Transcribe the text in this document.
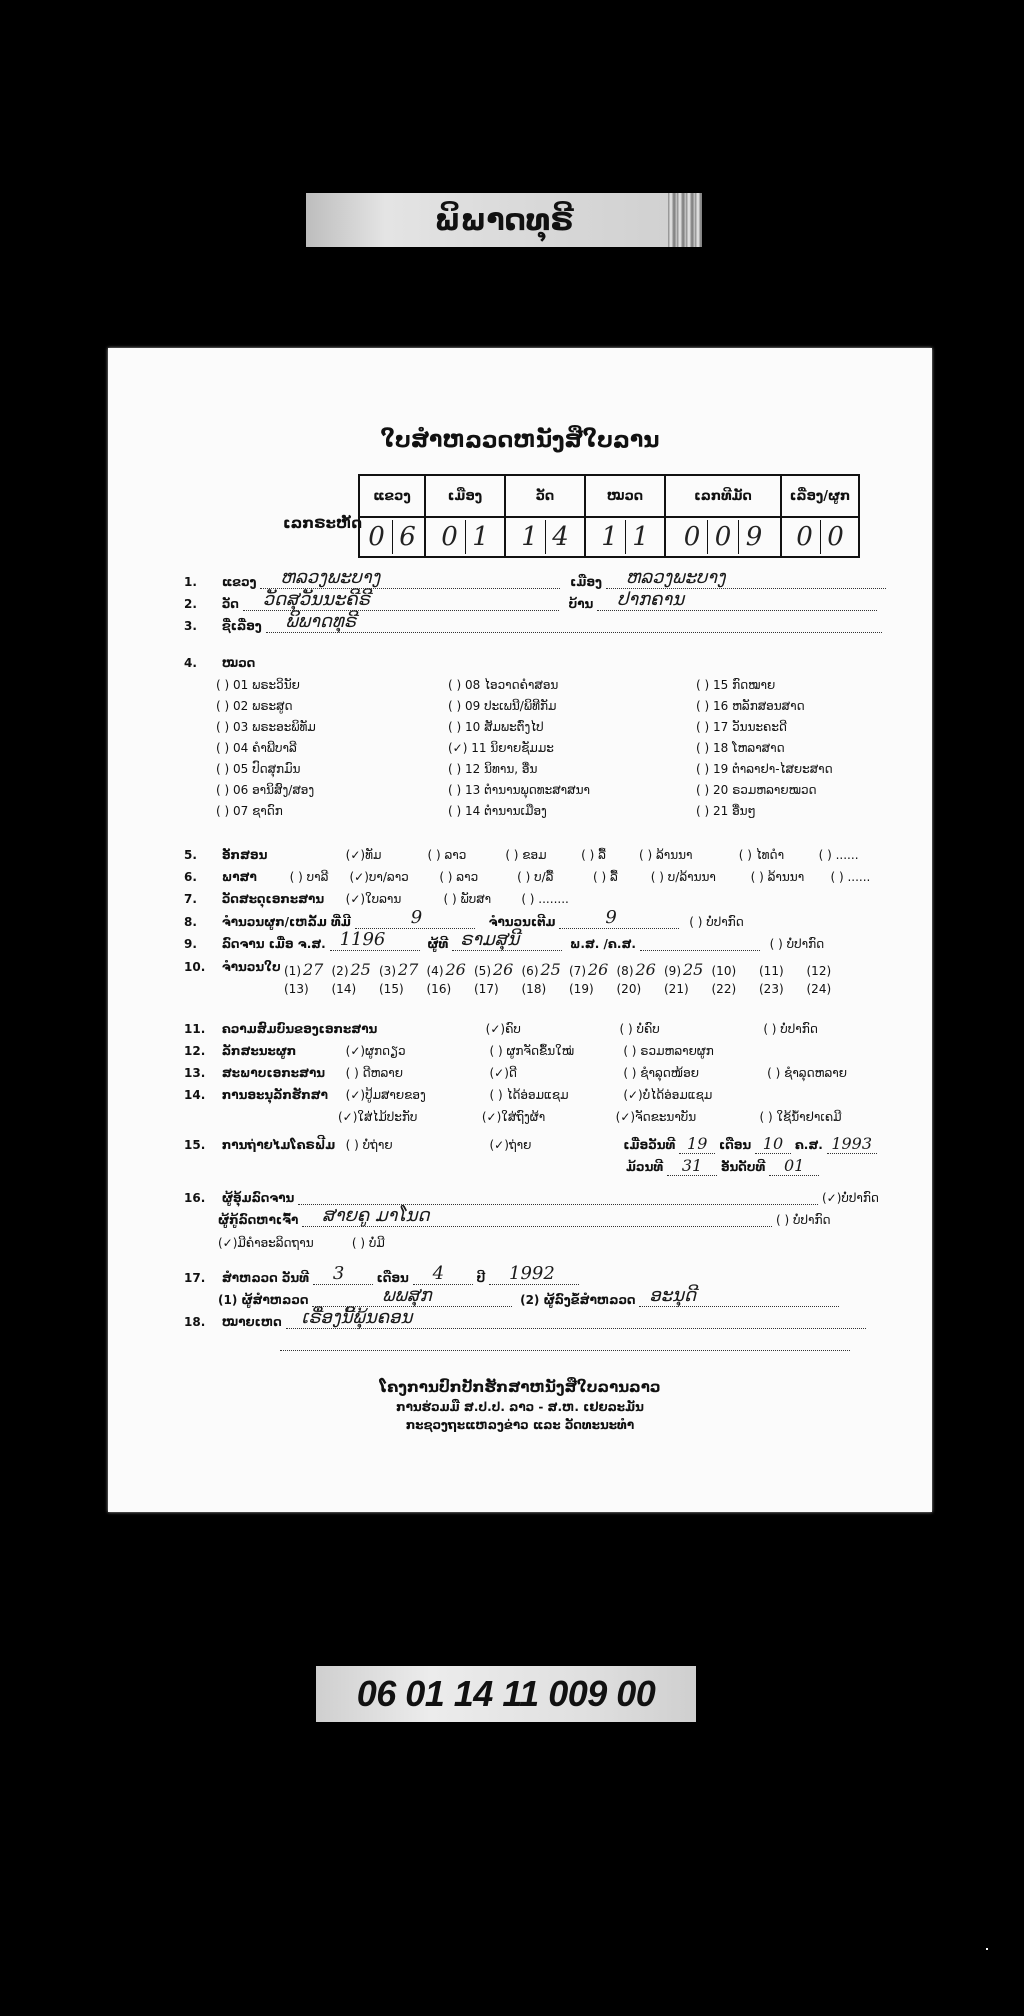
ພິພາດທຸຣີ
ໃບສຳຫລວດຫນັງສືໃບລານ
ເລກຣະຫັດ
ແຂວງ	ເມືອງ	ວັດ	ໝວດ	ເລກທີມັດ	ເລື່ອງ/ຜູກ
0 6	0 1	1 4	1 1	0 0 9	0 0
1. ແຂວງ ຫລວງພະບາງ	ເມືອງ ຫລວງພະບາງ
2. ວັດ ວັດສຸວັນນະຄີຣີ	ບ້ານ ປາກຄານ
3. ຊື່ເລື່ອງ ພິພາດທຸຣີ
4. ໝວດ
( ) 01 ພຣະວິນັຍ	( ) 08 ໄອວາດຄຳສອນ	( ) 15 ກົດໝາຍ
( ) 02 ພຣະສູດ	( ) 09 ປະເພນີ/ພິທີກັມ	( ) 16 ຫລັກສອນສາດ
( ) 03 ພຣະອະພິທັມ	( ) 10 ສັມພະຕົ່ງໄປ	( ) 17 ວັນນະຄະດີ
( ) 04 ຄຳພີບາລີ	(✓) 11 ນິຍາຍຊັມມະ	( ) 18 ໂຫລາສາດ
( ) 05 ປົດສຸກມົນ	( ) 12 ນິທານ, ອື່ນ	( ) 19 ຕຳລາຢາ-ໄສຍະສາດ
( ) 06 ອານິສົງ/ສອງ	( ) 13 ຕຳນານພຸດທະສາສນາ	( ) 20 ຣວມຫລາຍໝວດ
( ) 07 ຊາດົກ	( ) 14 ຕຳນານເມືອງ	( ) 21 ອື່ນໆ
5. ອັກສອນ	(✓)ທັມ	( ) ລາວ	( ) ຂອມ	( ) ລື້	( ) ລ້ານນາ	( ) ໄທດຳ	( ) ......
6. ພາສາ	( ) ບາລີ (✓)ບາ/ລາວ	( ) ລາວ	( ) ບ/ລື້	( ) ລື້	( ) ບ/ລ້ານນາ	( ) ລ້ານນາ ( ) ......
7. ວັດສະດຸເອກະສານ (✓)ໃບລານ	( ) ພັບສາ	( ) ........
8. ຈຳນວນຜູກ/ເຫລັ້ມ ທີ່ມີ	9	ຈຳນວນເຕີມ	9	( ) ບໍ່ປາກົດ
9. ລົດຈານ ເມື່ອ ຈ.ສ. 1196	ຜູ້ທີ ຣາມສຸນີ	ພ.ສ. /ຄ.ສ.	( ) ບໍ່ປາກົດ
10. ຈຳນວນໃບ (1) 27 (2) 25 (3) 27 (4) 26 (5) 26 (6) 25 (7) 26 (8) 26 (9) 25 (10) (11) (12)
(13) (14) (15) (16) (17) (18) (19) (20) (21) (22) (23) (24)
11. ຄວາມສົມບົນຂອງເອກະສານ	(✓)ຄົບ	( ) ບໍ່ຄົບ	( ) ບໍ່ປາກົດ
12. ລັກສະນະຜູກ	(✓)ຜູກດຽວ	( ) ຜູກຈັດຂຶ້ນໃໝ່	( ) ຣວມຫລາຍຜູກ
13. ສະພາບເອກະສານ ( ) ດີຫລາຍ	(✓)ດີ	( ) ຊຳລຸດໜ້ອຍ	( ) ຊຳລຸດຫລາຍ
14. ການອະນຸລັກຮັກສາ (✓)ປູ້ມສາຍຂອງ	( ) ໄດ້ອ່ອມແຊມ	(✓)ບໍ່ໄດ້ອ່ອມແຊມ
(✓)ໃສ່ໄມ້ປະກັບ	(✓)ໃສ່ຖົງຜ້າ	(✓)ຈັດຂະນາບັນ	( ) ໃຊ້ນ້ຳຢາເຄມີ
15. ການຖ່າຍໄມໂຄຣຟີມ ( ) ບໍ່ຖ່າຍ	(✓)ຖ່າຍ	ເມື່ອວັນທີ 19 ເດືອນ 10 ຄ.ສ. 1993
ມ້ວນທີ 31 ອັນດັບທີ 01
16. ຜູ້ອຸ້ມລົດຈານ	(✓)ບໍ່ປາກົດ
ຜູ້ກູ້ລົດຫາເຈົ້າ ສາຍຄູ ມາໂນດ	( ) ບໍ່ປາກົດ
(✓)ມີຄຳອະລິດຖານ	( ) ບໍ່ມີ
17. ສຳຫລວດ ວັນທີ 3	ເດືອນ 4	ປີ 1992
(1) ຜູ້ສຳຫລວດ	ພພສຸກ	(2) ຜູ້ລົງຂໍ້ສຳຫລວດ ອະນຸດີ
18. ໝາຍເຫດ ເຣື່ອງນີ້ພຸ້ນຄອນ
ໂຄງການປົກປັກຮັກສາຫນັງສືໃບລານລາວ
ການຮ່ວມມື ສ.ປ.ປ. ລາວ - ສ.ຫ. ເຢຍລະມັນ
ກະຊວງຖະແຫລງຂ່າວ ແລະ ວັດທະນະທຳ
06 01 14 11 009 00
